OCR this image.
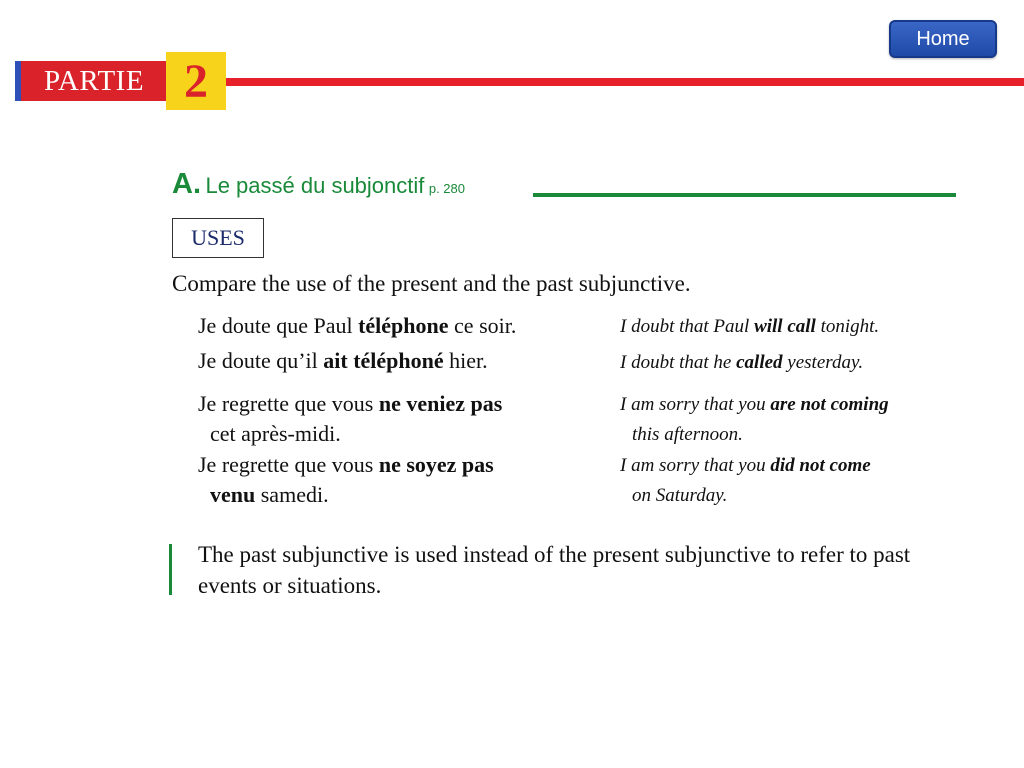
Home
PARTIE 2
A. Le passé du subjonctif p. 280
USES
Compare the use of the present and the past subjunctive.
Je doute que Paul téléphone ce soir.	I doubt that Paul will call tonight.
Je doute qu’il ait téléphoné hier.	I doubt that he called yesterday.
Je regrette que vous ne veniez pas
cet après-midi.
I am sorry that you are not coming
this afternoon.
Je regrette que vous ne soyez pas
venu samedi.
I am sorry that you did not come
on Saturday.
The past subjunctive is used instead of the present subjunctive to refer to past events or situations.
